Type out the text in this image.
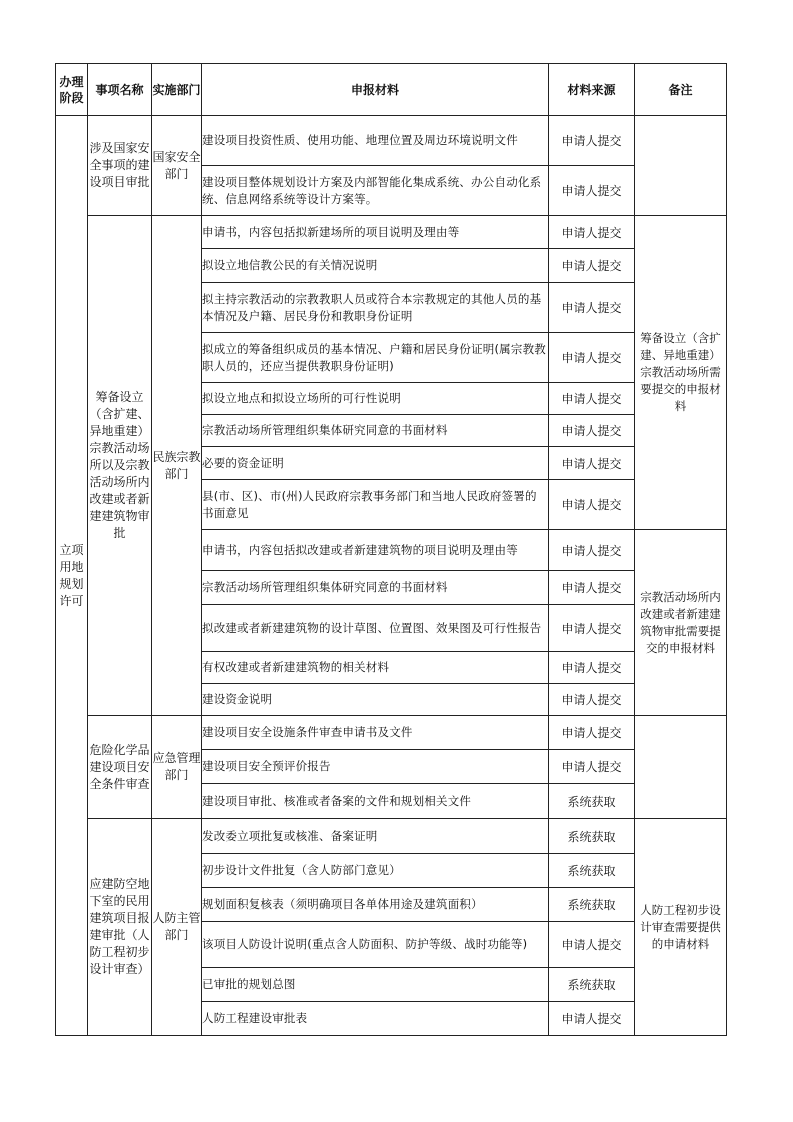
办理阶段	事项名称	实施部门	申报材料	材料来源	备注
立项用地规划许可	涉及国家安全事项的建设项目审批	国家安全部门	建设项目投资性质、使用功能、地理位置及周边环境说明文件	申请人提交	
			建设项目整体规划设计方案及内部智能化集成系统、办公自动化系统、信息网络系统等设计方案等。	申请人提交	
	筹备设立（含扩建、异地重建）宗教活动场所以及宗教活动场所内改建或者新建建筑物审批	民族宗教部门	申请书，内容包括拟新建场所的项目说明及理由等	申请人提交	筹备设立（含扩建、异地重建）宗教活动场所需要提交的申报材料
			拟设立地信教公民的有关情况说明	申请人提交	
			拟主持宗教活动的宗教教职人员或符合本宗教规定的其他人员的基本情况及户籍、居民身份和教职身份证明	申请人提交	
			拟成立的筹备组织成员的基本情况、户籍和居民身份证明(属宗教教职人员的，还应当提供教职身份证明)	申请人提交	
			拟设立地点和拟设立场所的可行性说明	申请人提交	
			宗教活动场所管理组织集体研究同意的书面材料	申请人提交	
			必要的资金证明	申请人提交	
			县(市、区)、市(州)人民政府宗教事务部门和当地人民政府签署的书面意见	申请人提交	
			申请书，内容包括拟改建或者新建建筑物的项目说明及理由等	申请人提交	宗教活动场所内改建或者新建建筑物审批需要提交的申报材料
			宗教活动场所管理组织集体研究同意的书面材料	申请人提交	
			拟改建或者新建建筑物的设计草图、位置图、效果图及可行性报告	申请人提交	
			有权改建或者新建建筑物的相关材料	申请人提交	
			建设资金说明	申请人提交	
	危险化学品建设项目安全条件审查	应急管理部门	建设项目安全设施条件审查申请书及文件	申请人提交	
			建设项目安全预评价报告	申请人提交	
			建设项目审批、核准或者备案的文件和规划相关文件	系统获取	
	应建防空地下室的民用建筑项目报建审批（人防工程初步设计审查）	人防主管部门	发改委立项批复或核准、备案证明	系统获取	人防工程初步设计审查需要提供的申请材料
			初步设计文件批复（含人防部门意见）	系统获取	
			规划面积复核表（须明确项目各单体用途及建筑面积）	系统获取	
			该项目人防设计说明(重点含人防面积、防护等级、战时功能等)	申请人提交	
			已审批的规划总图	系统获取	
			人防工程建设审批表	申请人提交	
